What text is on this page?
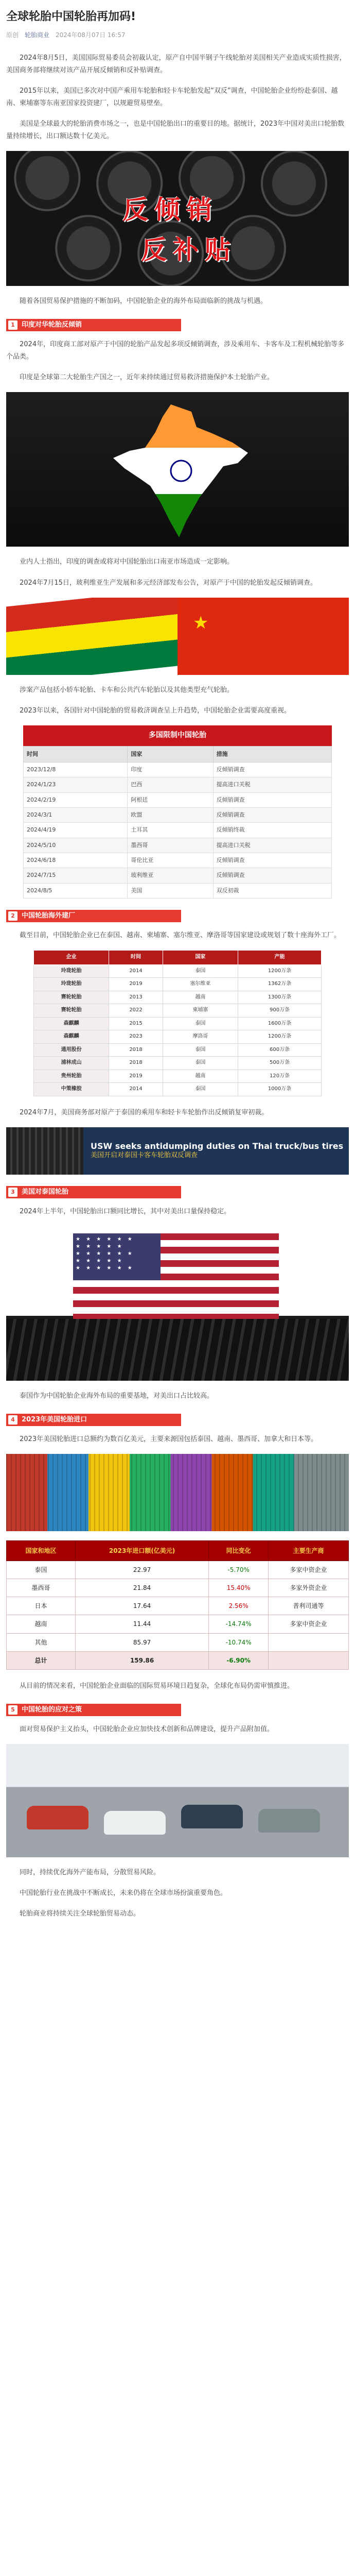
全球轮胎中国轮胎再加码!
原创 轮胎商业 2024年08月07日 16:57

2024年8月5日，美国国际贸易委员会初裁认定，原产自中国半钢子午线轮胎对美国相关产业造成实质性损害，美国商务部将继续对该产品开展反倾销和反补贴调查。

2015年以来，美国已多次对中国产乘用车轮胎和轻卡车轮胎发起“双反”调查，中国轮胎企业纷纷赴泰国、越南、柬埔寨等东南亚国家投资建厂，以规避贸易壁垒。

美国是全球最大的轮胎消费市场之一，也是中国轮胎出口的重要目的地。据统计，2023年中国对美出口轮胎数量持续增长，出口额达数十亿美元。

反倾销
反补贴

随着各国贸易保护措施的不断加码，中国轮胎企业的海外布局面临新的挑战与机遇。

1	印度对华轮胎反倾销

2024年，印度商工部对原产于中国的轮胎产品发起多项反倾销调查，涉及乘用车、卡客车及工程机械轮胎等多个品类。

印度是全球第二大轮胎生产国之一，近年来持续通过贸易救济措施保护本土轮胎产业。

业内人士指出，印度的调查或将对中国轮胎出口南亚市场造成一定影响。

2024年7月15日，玻利维亚生产发展和多元经济部发布公告，对原产于中国的轮胎发起反倾销调查。

★

涉案产品包括小轿车轮胎、卡车和公共汽车轮胎以及其他类型充气轮胎。

2023年以来，各国针对中国轮胎的贸易救济调查呈上升趋势，中国轮胎企业需要高度重视。

多国限制中国轮胎
时间	国家	措施
2023/12/8	印度	反倾销调查
2024/1/23	巴西	提高进口关税
2024/2/19	阿根廷	反倾销调查
2024/3/1	欧盟	反倾销调查
2024/4/19	土耳其	反倾销终裁
2024/5/10	墨西哥	提高进口关税
2024/6/18	哥伦比亚	反倾销调查
2024/7/15	玻利维亚	反倾销调查
2024/8/5	美国	双反初裁
2	中国轮胎海外建厂

截至目前，中国轮胎企业已在泰国、越南、柬埔寨、塞尔维亚、摩洛哥等国家建设或规划了数十座海外工厂。

企业	时间	国家	产能
玲珑轮胎	2014	泰国	1200万条
玲珑轮胎	2019	塞尔维亚	1362万条
赛轮轮胎	2013	越南	1300万条
赛轮轮胎	2022	柬埔寨	900万条
森麒麟	2015	泰国	1600万条
森麒麟	2023	摩洛哥	1200万条
通用股份	2018	泰国	600万条
浦林成山	2018	泰国	500万条
贵州轮胎	2019	越南	120万条
中策橡胶	2014	泰国	1000万条

2024年7月，美国商务部对原产于泰国的乘用车和轻卡车轮胎作出反倾销复审初裁。

USW seeks antidumping duties on Thai truck/bus tires
美国开启对泰国卡客车轮胎双反调查
3	美国对泰国轮胎

2024年上半年，中国轮胎出口额同比增长，其中对美出口量保持稳定。

★ ★ ★ ★ ★ ★
★ ★ ★ ★ ★
★ ★ ★ ★ ★ ★
★ ★ ★ ★ ★
★ ★ ★ ★ ★ ★

泰国作为中国轮胎企业海外布局的重要基地，对美出口占比较高。

4	2023年美国轮胎进口

2023年美国轮胎进口总额约为数百亿美元，主要来源国包括泰国、越南、墨西哥、加拿大和日本等。

国家和地区	2023年进口额(亿美元)	同比变化	主要生产商
泰国	22.97	-5.70%	多家中资企业
墨西哥	21.84	15.40%	多家外资企业
日本	17.64	2.56%	普利司通等
越南	11.44	-14.74%	多家中资企业
其他	85.97	-10.74%	
总计	159.86	-6.90%	

从目前的情况来看，中国轮胎企业面临的国际贸易环境日趋复杂，全球化布局仍需审慎推进。

5	中国轮胎的应对之策

面对贸易保护主义抬头，中国轮胎企业应加快技术创新和品牌建设，提升产品附加值。

同时，持续优化海外产能布局，分散贸易风险。

中国轮胎行业在挑战中不断成长，未来仍将在全球市场扮演重要角色。

轮胎商业将持续关注全球轮胎贸易动态。
